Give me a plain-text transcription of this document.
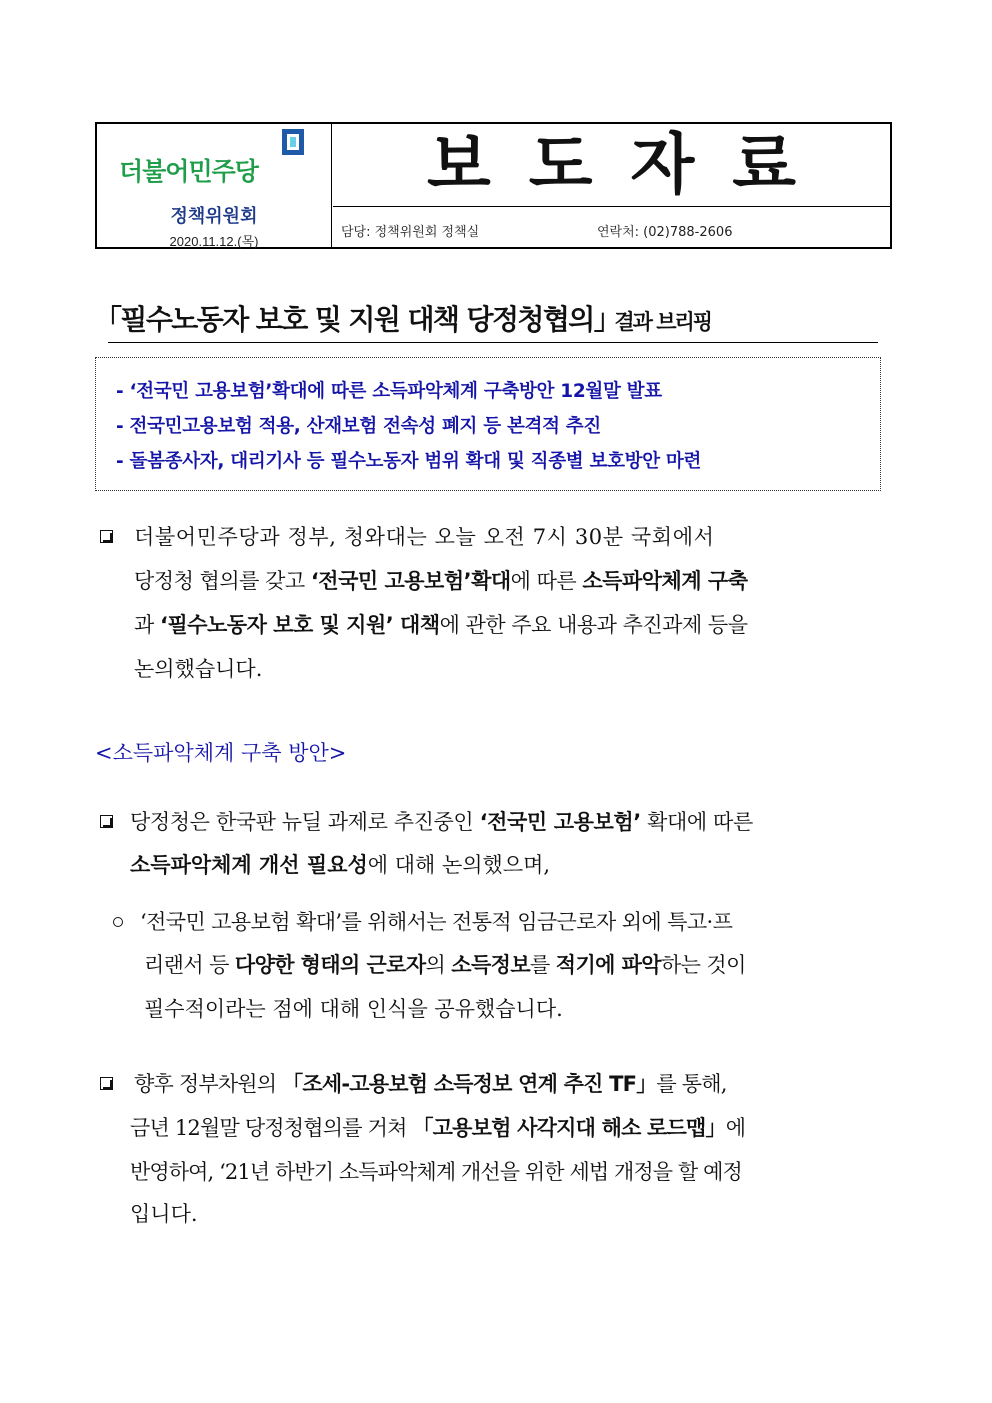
더불어민주당
정책위원회
2020.11.12.(목)
보도자료
담당: 정책위원회 정책실	연락처: (02)788-2606
｢필수노동자 보호 및 지원 대책 당정청협의｣ 결과 브리핑
- ‘전국민 고용보험’확대에 따른 소득파악체계 구축방안 12월말 발표
- 전국민고용보험 적용, 산재보험 전속성 폐지 등 본격적 추진
- 돌봄종사자, 대리기사 등 필수노동자 범위 확대 및 직종별 보호방안 마련
더불어민주당과 정부, 청와대는 오늘 오전 7시 30분 국회에서
당정청 협의를 갖고 ‘전국민 고용보험’확대에 따른 소득파악체계 구축
과 ‘필수노동자 보호 및 지원’ 대책에 관한 주요 내용과 추진과제 등을
논의했습니다.
<소득파악체계 구축 방안>
당정청은 한국판 뉴딜 과제로 추진중인 ‘전국민 고용보험’ 확대에 따른
소득파악체계 개선 필요성에 대해 논의했으며,
‘전국민 고용보험 확대’를 위해서는 전통적 임금근로자 외에 특고·프
리랜서 등 다양한 형태의 근로자의 소득정보를 적기에 파악하는 것이
필수적이라는 점에 대해 인식을 공유했습니다.
향후 정부차원의 「조세-고용보험 소득정보 연계 추진 TF」를 통해,
금년 12월말 당정청협의를 거쳐 「고용보험 사각지대 해소 로드맵」에
반영하여, ‘21년 하반기 소득파악체계 개선을 위한 세법 개정을 할 예정
입니다.
